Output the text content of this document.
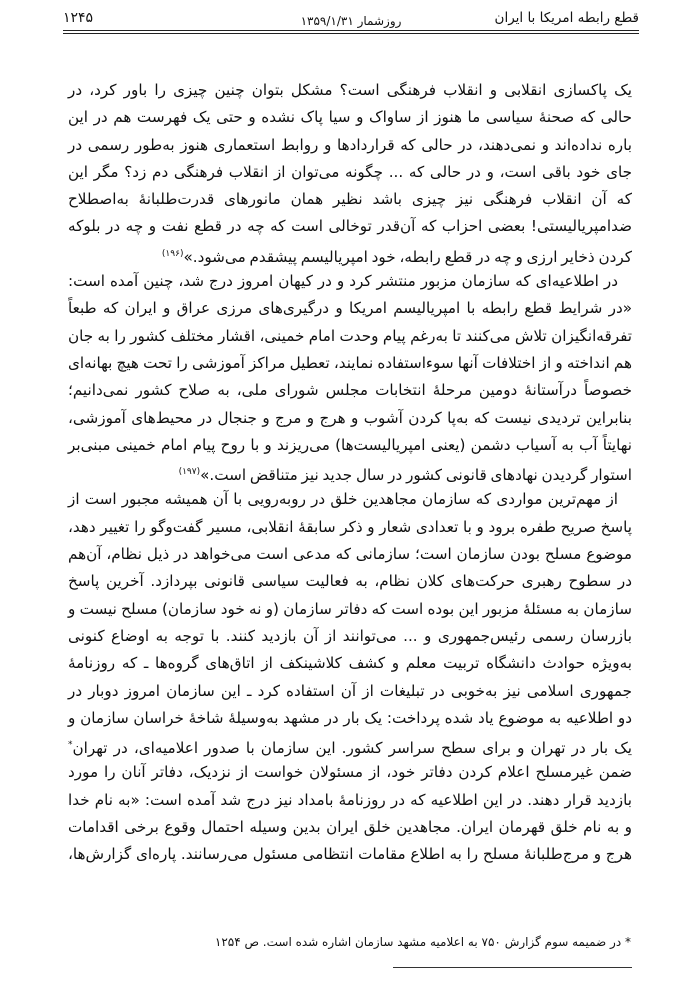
قطع رابطه امریکا با ایران
۱۲۴۵	روزشمار ۱۳۵۹/۱/۳۱
یک پاکسازی انقلابی و انقلاب فرهنگی است؟ مشکل بتوان چنین چیزی را باور کرد، در
حالی که صحنهٔ سیاسی ما هنوز از ساواک و سیا پاک نشده و حتی یک فهرست هم در این
باره نداده‌اند و نمی‌دهند، در حالی که قراردادها و روابط استعماری هنوز به‌طور رسمی در
جای خود باقی است، و در حالی که ... چگونه می‌توان از انقلاب فرهنگی دم زد؟ مگر این
که آن انقلاب فرهنگی نیز چیزی باشد نظیر همان مانورهای قدرت‌طلبانهٔ به‌اصطلاح
ضدامپریالیستی! بعضی احزاب که آن‌قدر توخالی است که چه در قطع نفت و چه در بلوکه
کردن ذخایر ارزی و چه در قطع رابطه، خود امپریالیسم پیشقدم می‌شود.»$^{(۱۹۶)}$
در اطلاعیه‌ای که سازمان مزبور منتشر کرد و در کیهان امروز درج شد، چنین آمده است:
«در شرایط قطع رابطه با امپریالیسم امریکا و درگیری‌های مرزی عراق و ایران که طبعاً
تفرقه‌انگیزان تلاش می‌کنند تا به‌رغم پیام وحدت امام خمینی، اقشار مختلف کشور را به جان
هم انداخته و از اختلافات آنها سوءاستفاده نمایند، تعطیل مراکز آموزشی را تحت هیچ بهانه‌ای
خصوصاً درآستانهٔ دومین مرحلهٔ انتخابات مجلس شورای ملی، به صلاح کشور نمی‌دانیم؛
بنابراین تردیدی نیست که به‌پا کردن آشوب و هرج و مرج و جنجال در محیط‌های آموزشی،
نهایتاً آب به آسیاب دشمن (یعنی امپریالیست‌ها) می‌ریزند و با روح پیام امام خمینی مبنی‌بر
استوار گردیدن نهادهای قانونی کشور در سال جدید نیز متناقض است.»$^{(۱۹۷)}$
از مهم‌ترین مواردی که سازمان مجاهدین خلق در روبه‌رویی با آن همیشه مجبور است از
پاسخ صریح طفره برود و با تعدادی شعار و ذکر سابقهٔ انقلابی، مسیر گفت‌وگو را تغییر دهد،
موضوع مسلح بودن سازمان است؛ سازمانی که مدعی است می‌خواهد در ذیل نظام، آن‌هم
در سطوح رهبری حرکت‌های کلان نظام، به فعالیت سیاسی قانونی بپردازد. آخرین پاسخ
سازمان به مسئلهٔ مزبور این بوده است که دفاتر سازمان (و نه خود سازمان) مسلح نیست و
بازرسان رسمی رئیس‌جمهوری و ... می‌توانند از آن بازدید کنند. با توجه به اوضاع کنونی
به‌ویژه حوادث دانشگاه تربیت معلم و کشف کلاشینکف از اتاق‌های گروه‌ها ـ که روزنامهٔ
جمهوری اسلامی نیز به‌خوبی در تبلیغات از آن استفاده کرد ـ این سازمان امروز دوبار در
دو اطلاعیه به موضوع یاد شده پرداخت: یک بار در مشهد به‌وسیلهٔ شاخهٔ خراسان سازمان و
یک بار در تهران و برای سطح سراسر کشور. این سازمان با صدور اعلامیه‌ای، در تهران*
ضمن غیرمسلح اعلام کردن دفاتر خود، از مسئولان خواست از نزدیک، دفاتر آنان را مورد
بازدید قرار دهند. در این اطلاعیه که در روزنامهٔ بامداد نیز درج شد آمده است: «به نام خدا
و به نام خلق قهرمان ایران. مجاهدین خلق ایران بدین وسیله احتمال وقوع برخی اقدامات
هرج و مرج‌طلبانهٔ مسلح را به اطلاع مقامات انتظامی مسئول می‌رسانند. پاره‌ای گزارش‌ها،
* در ضمیمه سوم گزارش ۷۵۰ به اعلامیه مشهد سازمان اشاره شده است. ص ۱۲۵۴
